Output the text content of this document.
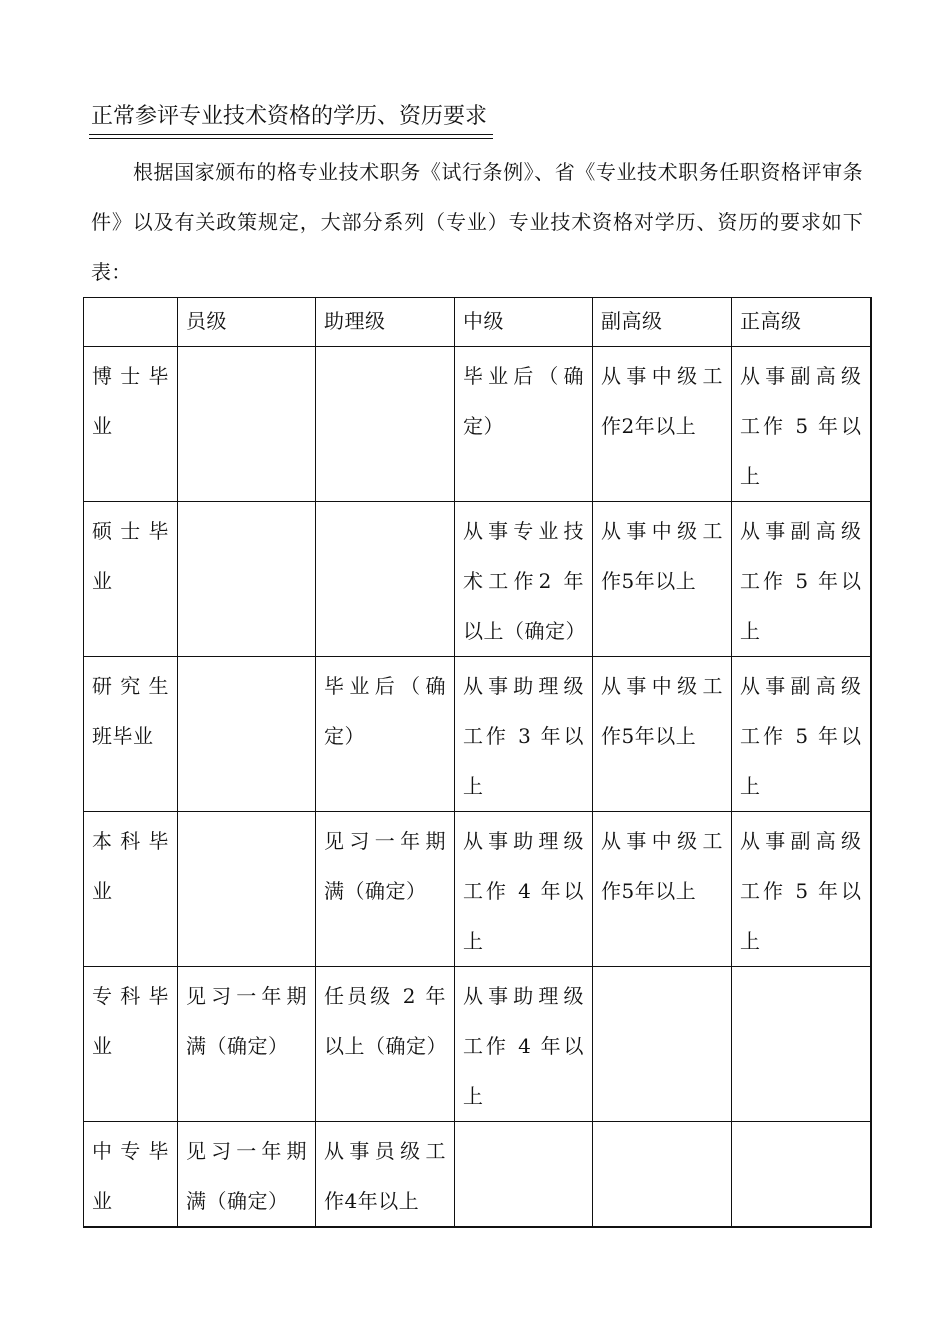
正常参评专业技术资格的学历、资历要求

根据国家颁布的格专业技术职务《试行条例》、省《专业技术职务任职资格评审条件》以及有关政策规定，大部分系列（专业）专业技术资格对学历、资历的要求如下表：

	员级	助理级	中级	副高级	正高级
博士毕业			毕业后（确定）	从事中级工作2年以上	从事副高级工作 5 年以上
硕士毕业			从事专业技术工作2 年以上（确定）	从事中级工作5年以上	从事副高级工作 5 年以上
研究生班毕业		毕业后（确定）	从事助理级工作 3 年以上	从事中级工作5年以上	从事副高级工作 5 年以上
本科毕业		见习一年期满（确定）	从事助理级工作 4 年以上	从事中级工作5年以上	从事副高级工作 5 年以上
专科毕业	见习一年期满（确定）	任员级 2 年以上（确定）	从事助理级工作 4 年以上		
中专毕业	见习一年期满（确定）	从事员级工作4年以上			
